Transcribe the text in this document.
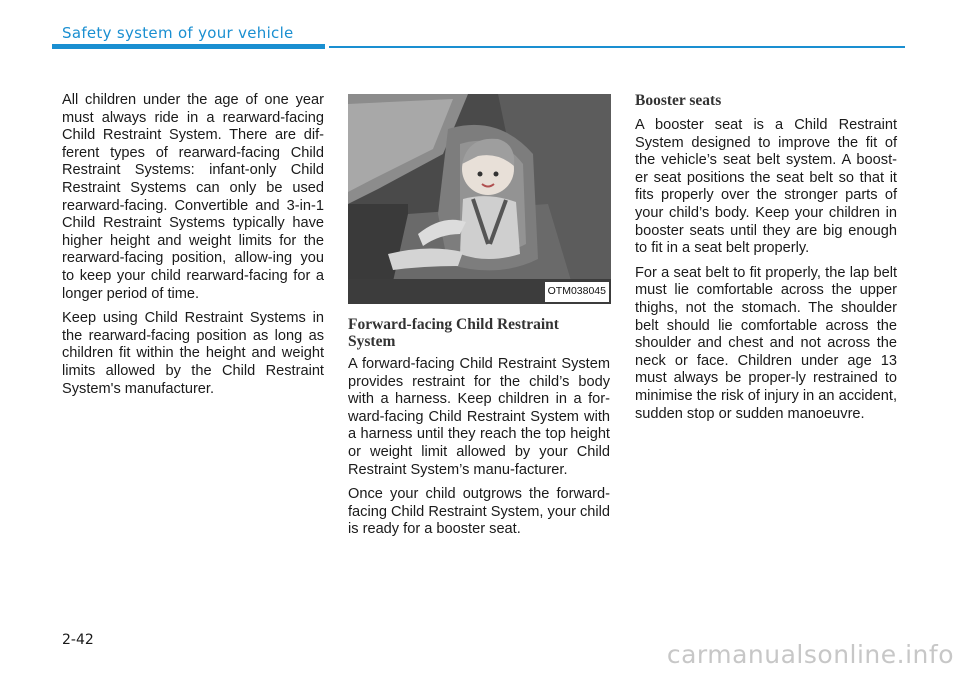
Safety system of your vehicle

All children under the age of one year must always ride in a rearward-facing Child Restraint System. There are dif-ferent types of rearward-facing Child Restraint Systems: infant-only Child Restraint Systems can only be used rearward-facing. Convertible and 3-in-1 Child Restraint Systems typically have higher height and weight limits for the rearward-facing position, allow-ing you to keep your child rearward-facing for a longer period of time.

Keep using Child Restraint Systems in the rearward-facing position as long as children fit within the height and weight limits allowed by the Child Restraint System's manufacturer.

OTM038045
Forward-facing Child Restraint System

A forward-facing Child Restraint System provides restraint for the child’s body with a harness. Keep children in a for-ward-facing Child Restraint System with a harness until they reach the top height or weight limit allowed by your Child Restraint System’s manu-facturer.

Once your child outgrows the forward-facing Child Restraint System, your child is ready for a booster seat.

Booster seats

A booster seat is a Child Restraint System designed to improve the fit of the vehicle’s seat belt system. A boost-er seat positions the seat belt so that it fits properly over the stronger parts of your child’s body. Keep your children in booster seats until they are big enough to fit in a seat belt properly.

For a seat belt to fit properly, the lap belt must lie comfortable across the upper thighs, not the stomach. The shoulder belt should lie comfortable across the shoulder and chest and not across the neck or face. Children under age 13 must always be proper-ly restrained to minimise the risk of injury in an accident, sudden stop or sudden manoeuvre.

2-42	carmanualsonline.info
